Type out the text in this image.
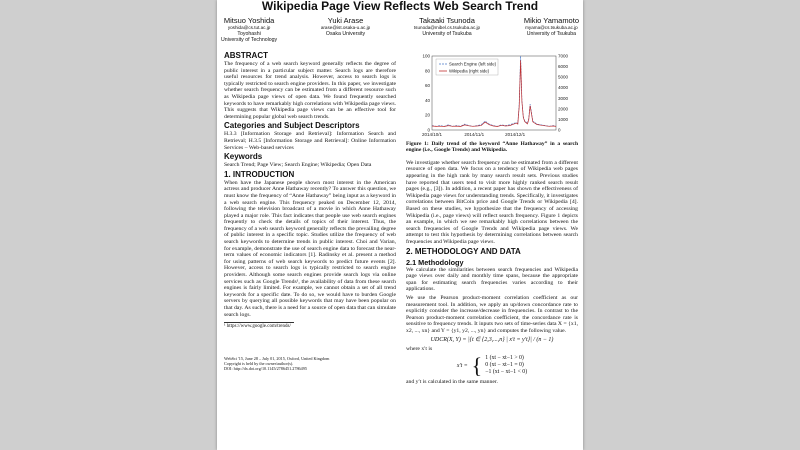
Wikipedia Page View Reflects Web Search Trend
Mitsuo Yoshida
yoshida@cs.tut.ac.jp
Toyohashi
University of Technology
Yuki Arase
arase@ist.osaka-u.ac.jp
Osaka University
Takaaki Tsunoda
tsunoda@mibel.cs.tsukuba.ac.jp
University of Tsukuba
Mikio Yamamoto
myama@cs.tsukuba.ac.jp
University of Tsukuba
ABSTRACT

The frequency of a web search keyword generally reflects the degree of public interest in a particular subject matter. Search logs are therefore useful resources for trend analysis. However, access to search logs is typically restricted to search engine providers. In this paper, we investigate whether search frequency can be estimated from a different resource such as Wikipedia page views of open data. We found frequently searched keywords to have remarkably high correlations with Wikipedia page views. This suggests that Wikipedia page views can be an effective tool for determining popular global web search trends.

Categories and Subject Descriptors

H.3.3 [Information Storage and Retrieval]: Information Search and Retrieval; H.3.5 [Information Storage and Retrieval]: Online Information Services – Web-based services

Keywords

Search Trend; Page View; Search Engine; Wikipedia; Open Data

1. INTRODUCTION

When have the Japanese people shown most interest in the American actress and producer Anne Hathaway recently? To answer this question, we must know the frequency of “Anne Hathaway” being input as a keyword in a web search engine. This frequency peaked on December 12, 2014, following the television broadcast of a movie in which Anne Hathaway played a major role. This fact indicates that people use web search engines frequently to check the details of topics of their interest. Thus, the frequency of a web search keyword generally reflects the prevailing degree of public interest in a specific topic. Studies utilize the frequency of web search keywords to determine trends in public interest. Choi and Varian, for example, demonstrate the use of search engine data to forecast the near-term values of economic indicators [1]. Radinsky et al. present a method for using patterns of web search keywords to predict future events [2]. However, access to search logs is typically restricted to search engine providers. Although some search engines provide search logs via online services such as Google Trends¹, the availability of data from these search engines is fairly limited. For example, we cannot obtain a set of all trend keywords for a specific date. To do so, we would have to burden Google servers by querying all possible keywords that may have been popular on that day. As such, there is a need for a source of open data that can simulate search logs.

¹ https://www.google.com/trends/
WebSci '15, June 28 – July 01, 2015, Oxford, United Kingdom
Copyright is held by the owner/author(s).
DOI: http://dx.doi.org/10.1145/2786451.2786495
0
20
40
60
80
100
0
1000
2000
3000
4000
5000
6000
7000
2014/10/1	2014/11/1	2014/12/1
Search Engine (left side)
Wikipedia (right side)
Figure 1: Daily trend of the keyword “Anne Hathaway” in a search engine (i.e., Google Trends) and Wikipedia.

We investigate whether search frequency can be estimated from a different resource of open data. We focus on a tendency of Wikipedia web pages appearing in the high rank by many search result sets. Previous studies have reported that users tend to visit more highly ranked search result pages (e.g., [3]). In addition, a recent paper has shown the effectiveness of Wikipedia page views for understanding trends. Specifically, it investigates correlations between BitCoin price and Google Trends or Wikipedia [4]. Based on these studies, we hypothesize that the frequency of accessing Wikipedia (i.e., page views) will reflect search frequency. Figure 1 depicts an example, in which we see remarkably high correlations between the search frequencies of Google Trends and Wikipedia page views. We attempt to test this hypothesis by determining correlations between search frequencies and Wikipedia page views.

2. METHODOLOGY AND DATA
2.1 Methodology

We calculate the similarities between search frequencies and Wikipedia page views over daily and monthly time spans, because the appropriate span for estimating search frequencies varies according to their applications.

We use the Pearson product-moment correlation coefficient as our measurement tool. In addition, we apply an up/down concordance rate to explicitly consider the increase/decrease in frequencies. In contrast to the Pearson product-moment correlation coefficient, the concordance rate is sensitive to frequency trends. It inputs two sets of time-series data X = {x1, x2, ..., xn} and Y = {y1, y2, ..., yn} and computes the following value.

UDCR(X, Y) = |{t ∈ {2,3,...,n} | x′t = y′t}| / (n − 1)

where x′t is

x′t = { 1 (xt − xt−1 > 0)
0 (xt − xt−1 = 0)
−1 (xt − xt−1 < 0)

and y′t is calculated in the same manner.
